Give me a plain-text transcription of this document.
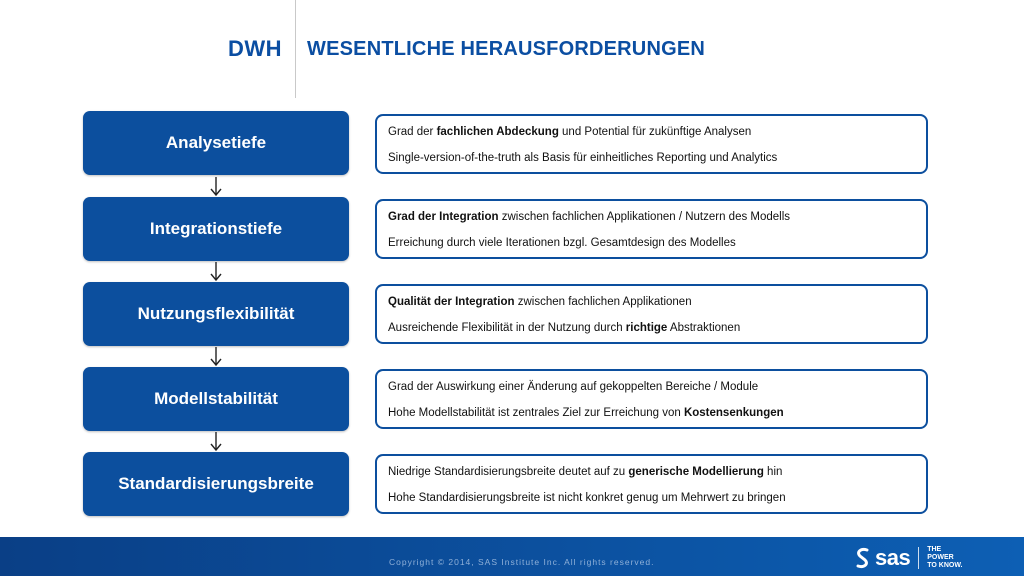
DWH WESENTLICHE HERAUSFORDERUNGEN
Analysetiefe
Integrationstiefe
Nutzungsflexibilität
Modellstabilität
Standardisierungsbreite
Grad der fachlichen Abdeckung und Potential für zukünftige Analysen
Single-version-of-the-truth als Basis für einheitliches Reporting und Analytics
Grad der Integration zwischen fachlichen Applikationen / Nutzern des Modells
Erreichung durch viele Iterationen bzgl. Gesamtdesign des Modelles
Qualität der Integration zwischen fachlichen Applikationen
Ausreichende Flexibilität in der Nutzung durch richtige Abstraktionen
Grad der Auswirkung einer Änderung auf gekoppelten Bereiche / Module
Hohe Modellstabilität ist zentrales Ziel zur Erreichung von Kostensenkungen
Niedrige Standardisierungsbreite deutet auf zu generische Modellierung hin
Hohe Standardisierungsbreite ist nicht konkret genug um Mehrwert zu bringen
Copyright © 2014, SAS Institute Inc. All rights reserved.	sas THE
POWER
TO KNOW.
